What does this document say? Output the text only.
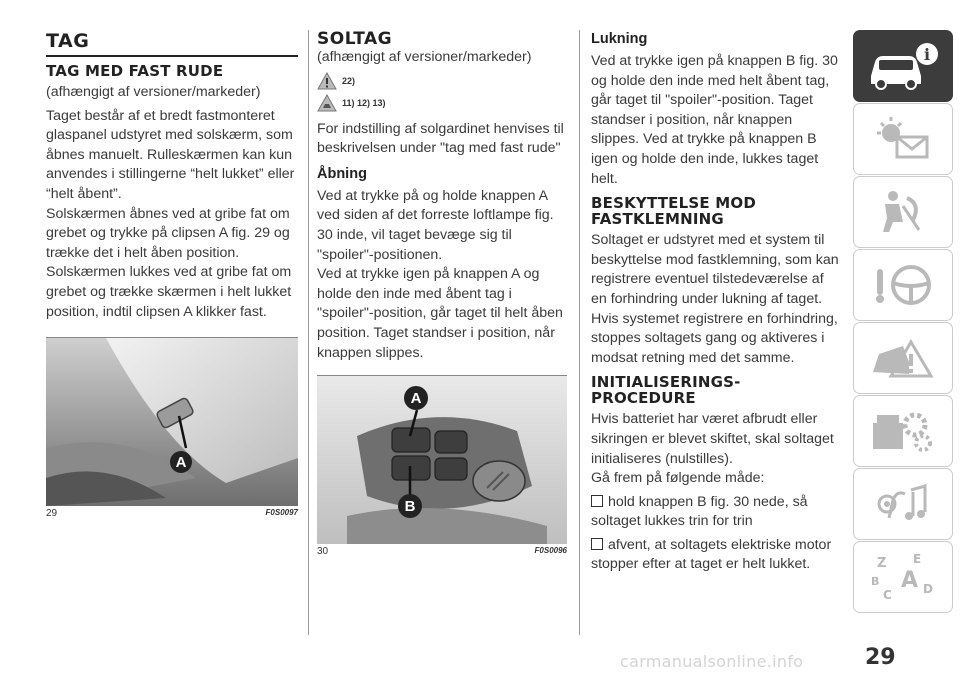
TAG
TAG MED FAST RUDE

(afhængigt af versioner/markeder)

Taget består af et bredt fastmonteret glaspanel udstyret med solskærm, som åbnes manuelt. Rulleskærmen kan kun anvendes i stillingerne “helt lukket” eller “helt åbent”.
Solskærmen åbnes ved at gribe fat om grebet og trykke på clipsen A fig. 29 og trække det i helt åben position.
Solskærmen lukkes ved at gribe fat om grebet og trække skærmen i helt lukket position, indtil clipsen A klikker fast.

A
29	F0S0097
SOLTAG

(afhængigt af versioner/markeder)

22)
11) 12) 13)

For indstilling af solgardinet henvises til beskrivelsen under "tag med fast rude"

Åbning

Ved at trykke på og holde knappen A ved siden af det forreste loftlampe fig. 30 inde, vil taget bevæge sig til "spoiler"-positionen.
Ved at trykke igen på knappen A og holde den inde med åbent tag i "spoiler"-position, går taget til helt åben position. Taget standser i position, når knappen slippes.

A
B
30	F0S0096
Lukning

Ved at trykke igen på knappen B fig. 30 og holde den inde med helt åbent tag, går taget til "spoiler"-position. Taget standser i position, når knappen slippes. Ved at trykke på knappen B igen og holde den inde, lukkes taget helt.

BESKYTTELSE MOD FASTKLEMNING

Soltaget er udstyret med et system til beskyttelse mod fastklemning, som kan registrere eventuel tilstedeværelse af en forhindring under lukning af taget. Hvis systemet registrere en forhindring, stoppes soltagets gang og aktiveres i modsat retning med det samme.

INITIALISERINGS-PROCEDURE

Hvis batteriet har været afbrudt eller sikringen er blevet skiftet, skal soltaget initialiseres (nulstilles).
Gå frem på følgende måde:

hold knappen B fig. 30 nede, så soltaget lukkes trin for trin

afvent, at soltagets elektriske motor stopper efter at taget er helt lukket.

i
Z E
B A
C	D
29
carmanualsonline.info
